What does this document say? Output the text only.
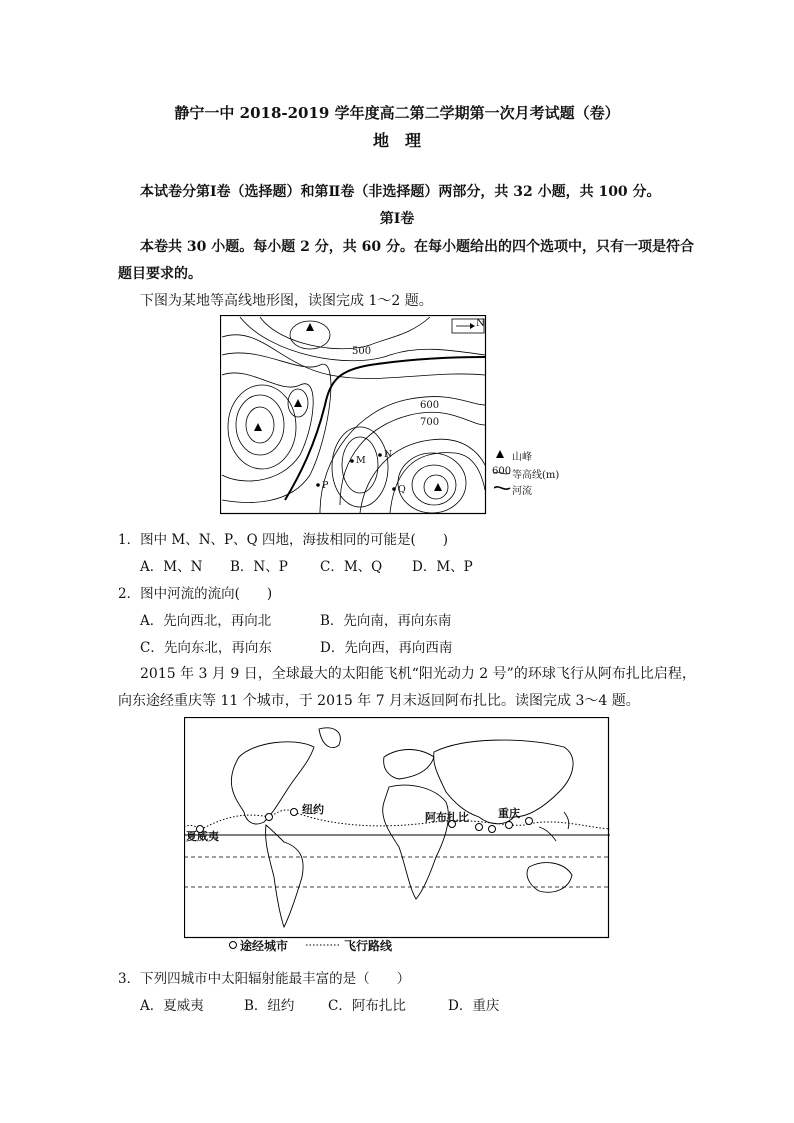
静宁一中 2018-2019 学年度高二第二学期第一次月考试题（卷）
地　理
本试卷分第Ⅰ卷（选择题）和第Ⅱ卷（非选择题）两部分，共 32 小题，共 100 分。
第Ⅰ卷
本卷共 30 小题。每小题 2 分，共 60 分。在每小题给出的四个选项中，只有一项是符合
题目要求的。
下图为某地等高线地形图，读图完成 1～2 题。
N
500
600
700
M
N
P	Q
山峰
600 等高线(m)
河流
1．图中 M、N、P、Q 四地，海拔相同的可能是(　　)
A．M、N B．N、P C．M、Q D．M、P
2．图中河流的流向(　　)
A．先向西北，再向北	B．先向南，再向东南
C．先向东北，再向东	D．先向西，再向西南
2015 年 3 月 9 日，全球最大的太阳能飞机“阳光动力 2 号”的环球飞行从阿布扎比启程，
向东途经重庆等 11 个城市，于 2015 年 7 月末返回阿布扎比。读图完成 3～4 题。
夏威夷
纽约
阿布扎比	重庆
途经城市	飞行路线
3．下列四城市中太阳辐射能最丰富的是（　　）
A．夏威夷	B．纽约 C．阿布扎比	D．重庆
